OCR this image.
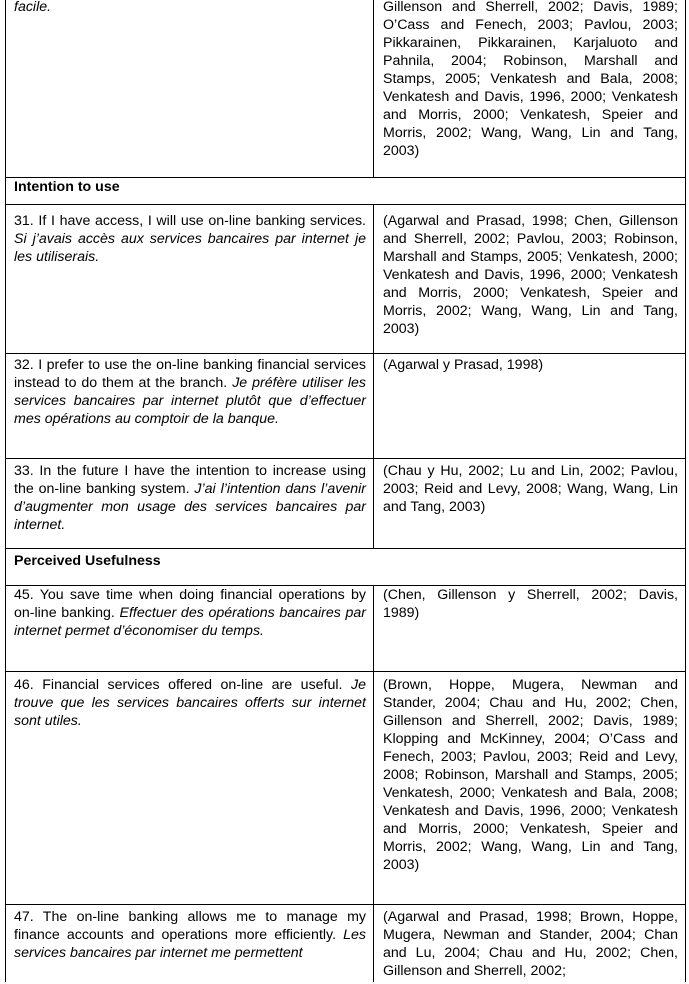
facile.	Gillenson and Sherrell, 2002; Davis, 1989; O’Cass and Fenech, 2003; Pavlou, 2003; Pikkarainen, Pikkarainen, Karjaluoto and Pahnila, 2004; Robinson, Marshall and Stamps, 2005; Venkatesh and Bala, 2008; Venkatesh and Davis, 1996, 2000; Venkatesh and Morris, 2000; Venkatesh, Speier and Morris, 2002; Wang, Wang, Lin and Tang, 2003)
Intention to use
31. If I have access, I will use on-line banking services. Si j’avais accès aux services bancaires par internet je les utiliserais.
(Agarwal and Prasad, 1998; Chen, Gillenson and Sherrell, 2002; Pavlou, 2003; Robinson, Marshall and Stamps, 2005; Venkatesh, 2000; Venkatesh and Davis, 1996, 2000; Venkatesh and Morris, 2000; Venkatesh, Speier and Morris, 2002; Wang, Wang, Lin and Tang, 2003)
32. I prefer to use the on-line banking financial services instead to do them at the branch. Je préfère utiliser les services bancaires par internet plutôt que d’effectuer mes opérations au comptoir de la banque.
(Agarwal y Prasad, 1998)
33. In the future I have the intention to increase using the on-line banking system. J’ai l’intention dans l’avenir d’augmenter mon usage des services bancaires par internet.
(Chau y Hu, 2002; Lu and Lin, 2002; Pavlou, 2003; Reid and Levy, 2008; Wang, Wang, Lin and Tang, 2003)
Perceived Usefulness
45. You save time when doing financial operations by on-line banking. Effectuer des opérations bancaires par internet permet d’économiser du temps.
(Chen, Gillenson y Sherrell, 2002; Davis, 1989)
46. Financial services offered on-line are useful. Je trouve que les services bancaires offerts sur internet sont utiles.
(Brown, Hoppe, Mugera, Newman and Stander, 2004; Chau and Hu, 2002; Chen, Gillenson and Sherrell, 2002; Davis, 1989; Klopping and McKinney, 2004; O’Cass and Fenech, 2003; Pavlou, 2003; Reid and Levy, 2008; Robinson, Marshall and Stamps, 2005; Venkatesh, 2000; Venkatesh and Bala, 2008; Venkatesh and Davis, 1996, 2000; Venkatesh and Morris, 2000; Venkatesh, Speier and Morris, 2002; Wang, Wang, Lin and Tang, 2003)
47. The on-line banking allows me to manage my finance accounts and operations more efficiently. Les services bancaires par internet me permettent
(Agarwal and Prasad, 1998; Brown, Hoppe, Mugera, Newman and Stander, 2004; Chan and Lu, 2004; Chau and Hu, 2002; Chen, Gillenson and Sherrell, 2002;
